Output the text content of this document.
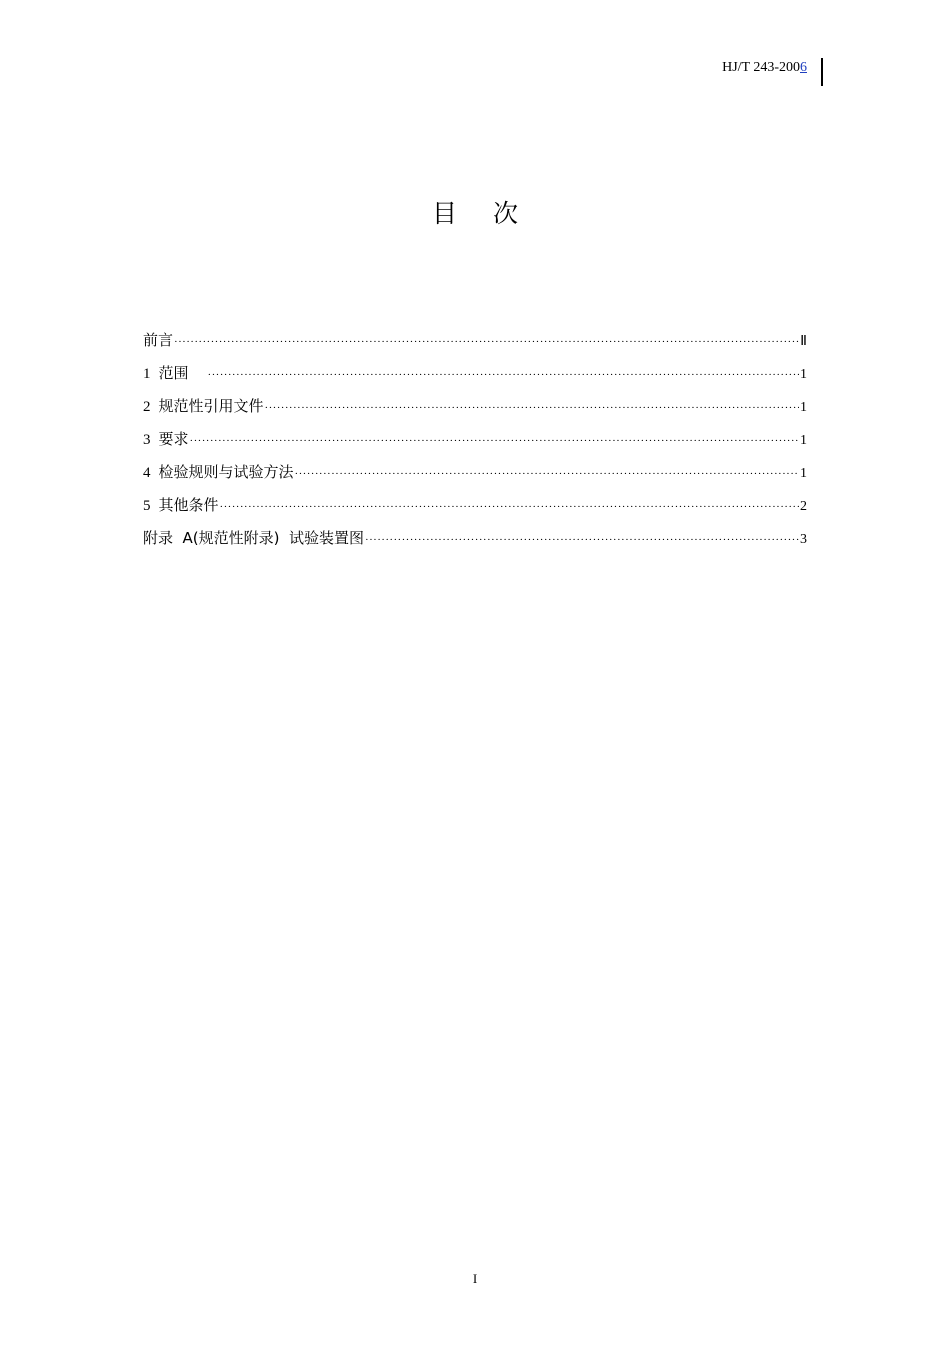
HJ/T 243-2006
目次
前言 ·····	Ⅱ
1 范围 ·····	1
2 规范性引用文件 ·····	1
3 要求 ·····	1
4 检验规则与试验方法 ·····	1
5 其他条件 ·····	2
附录  A(规范性附录)  试验装置图 ·····	3
I
